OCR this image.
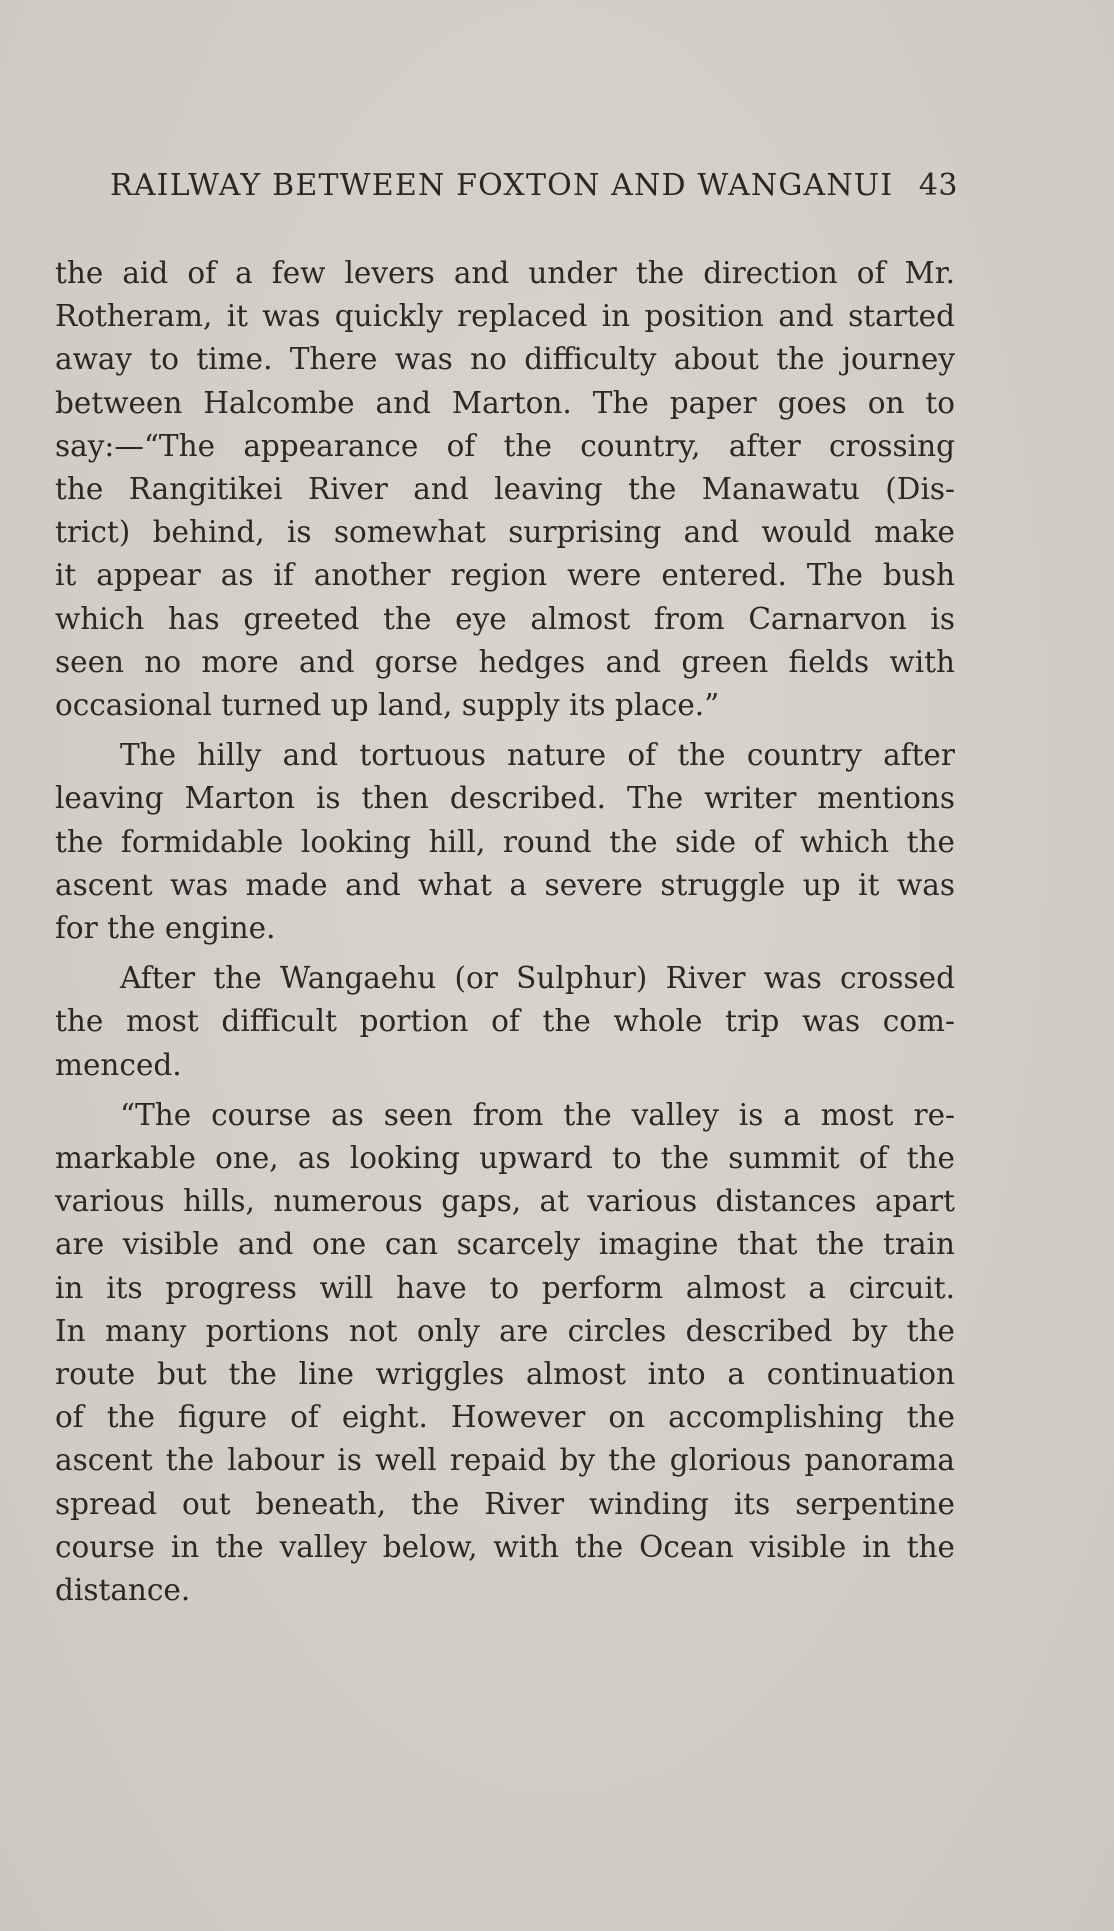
RAILWAY BETWEEN FOXTON AND WANGANUI 43
the aid of a few levers and under the direction of Mr.
Rotheram, it was quickly replaced in position and started
away to time. There was no difficulty about the journey
between Halcombe and Marton. The paper goes on to
say:—“The appearance of the country, after crossing
the Rangitikei River and leaving the Manawatu (Dis-
trict) behind, is somewhat surprising and would make
it appear as if another region were entered. The bush
which has greeted the eye almost from Carnarvon is
seen no more and gorse hedges and green fields with
occasional turned up land, supply its place.”
The hilly and tortuous nature of the country after
leaving Marton is then described. The writer mentions
the formidable looking hill, round the side of which the
ascent was made and what a severe struggle up it was
for the engine.
After the Wangaehu (or Sulphur) River was crossed
the most difficult portion of the whole trip was com-
menced.
“The course as seen from the valley is a most re-
markable one, as looking upward to the summit of the
various hills, numerous gaps, at various distances apart
are visible and one can scarcely imagine that the train
in its progress will have to perform almost a circuit.
In many portions not only are circles described by the
route but the line wriggles almost into a continuation
of the figure of eight. However on accomplishing the
ascent the labour is well repaid by the glorious panorama
spread out beneath, the River winding its serpentine
course in the valley below, with the Ocean visible in the
distance.
